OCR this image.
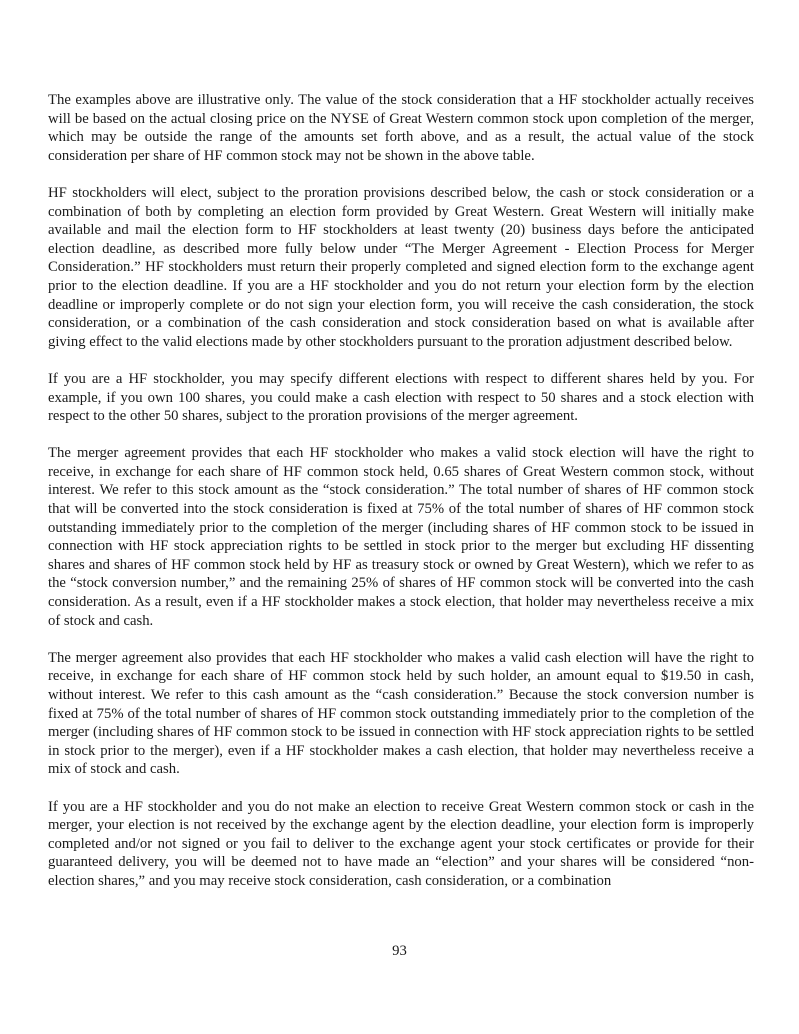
The examples above are illustrative only. The value of the stock consideration that a HF stockholder actually receives will be based on the actual closing price on the NYSE of Great Western common stock upon completion of the merger, which may be outside the range of the amounts set forth above, and as a result, the actual value of the stock consideration per share of HF common stock may not be shown in the above table.

HF stockholders will elect, subject to the proration provisions described below, the cash or stock consideration or a combination of both by completing an election form provided by Great Western. Great Western will initially make available and mail the election form to HF stockholders at least twenty (20) business days before the anticipated election deadline, as described more fully below under “The Merger Agreement - Election Process for Merger Consideration.” HF stockholders must return their properly completed and signed election form to the exchange agent prior to the election deadline. If you are a HF stockholder and you do not return your election form by the election deadline or improperly complete or do not sign your election form, you will receive the cash consideration, the stock consideration, or a combination of the cash consideration and stock consideration based on what is available after giving effect to the valid elections made by other stockholders pursuant to the proration adjustment described below.

If you are a HF stockholder, you may specify different elections with respect to different shares held by you. For example, if you own 100 shares, you could make a cash election with respect to 50 shares and a stock election with respect to the other 50 shares, subject to the proration provisions of the merger agreement.

The merger agreement provides that each HF stockholder who makes a valid stock election will have the right to receive, in exchange for each share of HF common stock held, 0.65 shares of Great Western common stock, without interest. We refer to this stock amount as the “stock consideration.” The total number of shares of HF common stock that will be converted into the stock consideration is fixed at 75% of the total number of shares of HF common stock outstanding immediately prior to the completion of the merger (including shares of HF common stock to be issued in connection with HF stock appreciation rights to be settled in stock prior to the merger but excluding HF dissenting shares and shares of HF common stock held by HF as treasury stock or owned by Great Western), which we refer to as the “stock conversion number,” and the remaining 25% of shares of HF common stock will be converted into the cash consideration. As a result, even if a HF stockholder makes a stock election, that holder may nevertheless receive a mix of stock and cash.

The merger agreement also provides that each HF stockholder who makes a valid cash election will have the right to receive, in exchange for each share of HF common stock held by such holder, an amount equal to $19.50 in cash, without interest. We refer to this cash amount as the “cash consideration.” Because the stock conversion number is fixed at 75% of the total number of shares of HF common stock outstanding immediately prior to the completion of the merger (including shares of HF common stock to be issued in connection with HF stock appreciation rights to be settled in stock prior to the merger), even if a HF stockholder makes a cash election, that holder may nevertheless receive a mix of stock and cash.

If you are a HF stockholder and you do not make an election to receive Great Western common stock or cash in the merger, your election is not received by the exchange agent by the election deadline, your election form is improperly completed and/or not signed or you fail to deliver to the exchange agent your stock certificates or provide for their guaranteed delivery, you will be deemed not to have made an “election” and your shares will be considered “non-election shares,” and you may receive stock consideration, cash consideration, or a combination

93
